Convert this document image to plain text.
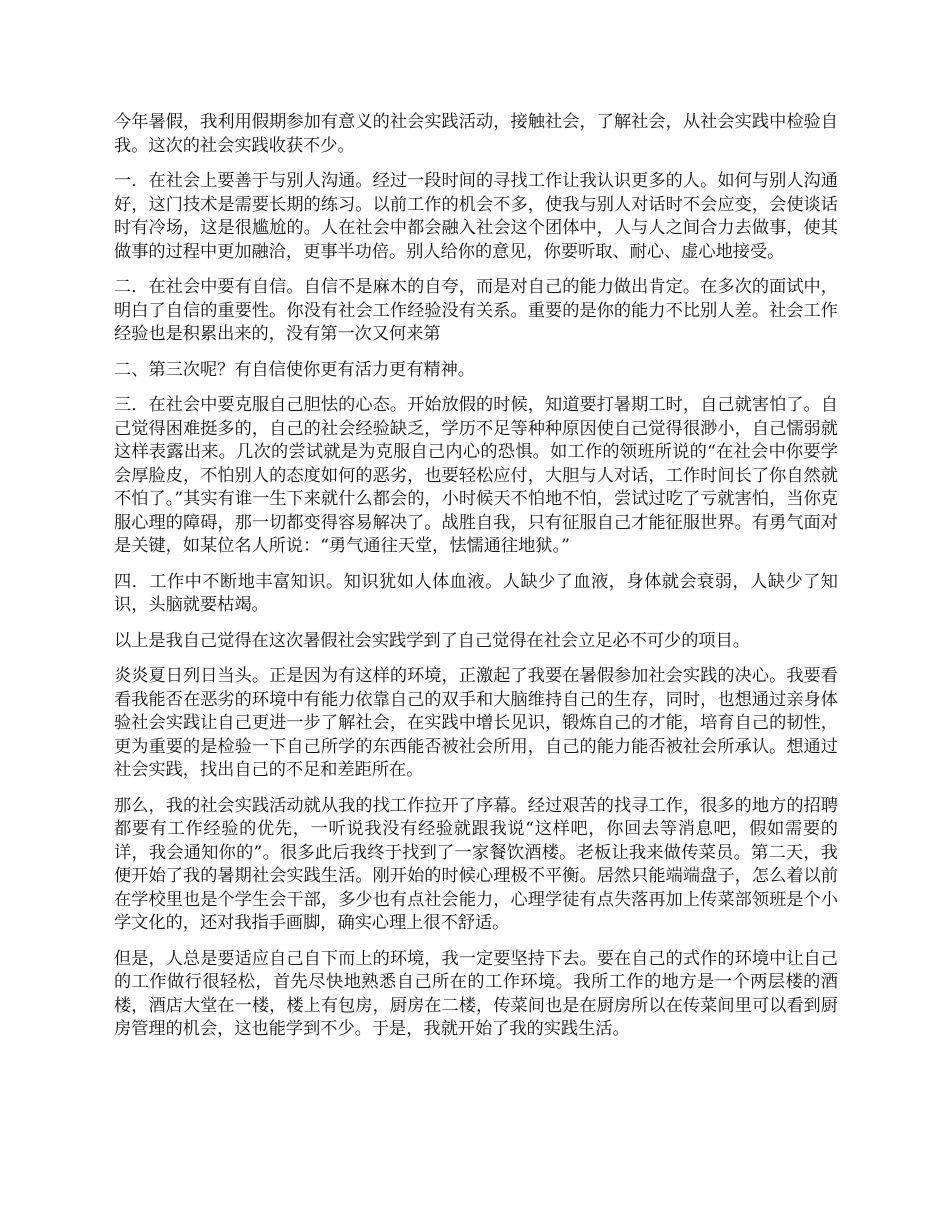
今年暑假，我利用假期参加有意义的社会实践活动，接触社会，了解社会，从社会实践中检验自我。这次的社会实践收获不少。

一．在社会上要善于与别人沟通。经过一段时间的寻找工作让我认识更多的人。如何与别人沟通好，这门技术是需要长期的练习。以前工作的机会不多，使我与别人对话时不会应变，会使谈话时有冷场，这是很尴尬的。人在社会中都会融入社会这个团体中，人与人之间合力去做事，使其做事的过程中更加融洽，更事半功倍。别人给你的意见，你要听取、耐心、虚心地接受。

二．在社会中要有自信。自信不是麻木的自夸，而是对自己的能力做出肯定。在多次的面试中，明白了自信的重要性。你没有社会工作经验没有关系。重要的是你的能力不比别人差。社会工作经验也是积累出来的，没有第一次又何来第

二、第三次呢？有自信使你更有活力更有精神。

三．在社会中要克服自己胆怯的心态。开始放假的时候，知道要打暑期工时，自己就害怕了。自己觉得困难挺多的，自己的社会经验缺乏，学历不足等种种原因使自己觉得很渺小，自己懦弱就这样表露出来。几次的尝试就是为克服自己内心的恐惧。如工作的领班所说的“在社会中你要学会厚脸皮，不怕别人的态度如何的恶劣，也要轻松应付，大胆与人对话，工作时间长了你自然就不怕了。”其实有谁一生下来就什么都会的，小时候天不怕地不怕，尝试过吃了亏就害怕，当你克服心理的障碍，那一切都变得容易解决了。战胜自我，只有征服自己才能征服世界。有勇气面对是关键，如某位名人所说：“勇气通往天堂，怯懦通往地狱。”

四．工作中不断地丰富知识。知识犹如人体血液。人缺少了血液，身体就会衰弱，人缺少了知识，头脑就要枯竭。

以上是我自己觉得在这次暑假社会实践学到了自己觉得在社会立足必不可少的项目。

炎炎夏日列日当头。正是因为有这样的环境，正激起了我要在暑假参加社会实践的决心。我要看看我能否在恶劣的环境中有能力依靠自己的双手和大脑维持自己的生存，同时，也想通过亲身体验社会实践让自己更进一步了解社会，在实践中增长见识，锻炼自己的才能，培育自己的韧性，更为重要的是检验一下自己所学的东西能否被社会所用，自己的能力能否被社会所承认。想通过社会实践，找出自己的不足和差距所在。

那么，我的社会实践活动就从我的找工作拉开了序幕。经过艰苦的找寻工作，很多的地方的招聘都要有工作经验的优先，一听说我没有经验就跟我说“这样吧，你回去等消息吧，假如需要的详，我会通知你的”。很多此后我终于找到了一家餐饮酒楼。老板让我来做传菜员。第二天，我便开始了我的暑期社会实践生活。刚开始的时候心理极不平衡。居然只能端端盘子，怎么着以前在学校里也是个学生会干部，多少也有点社会能力，心理学徒有点失落再加上传菜部领班是个小学文化的，还对我指手画脚，确实心理上很不舒适。

但是，人总是要适应自己自下而上的环境，我一定要坚持下去。要在自己的式作的环境中让自己的工作做行很轻松，首先尽快地熟悉自己所在的工作环境。我所工作的地方是一个两层楼的酒楼，酒店大堂在一楼，楼上有包房，厨房在二楼，传菜间也是在厨房所以在传菜间里可以看到厨房管理的机会，这也能学到不少。于是，我就开始了我的实践生活。
